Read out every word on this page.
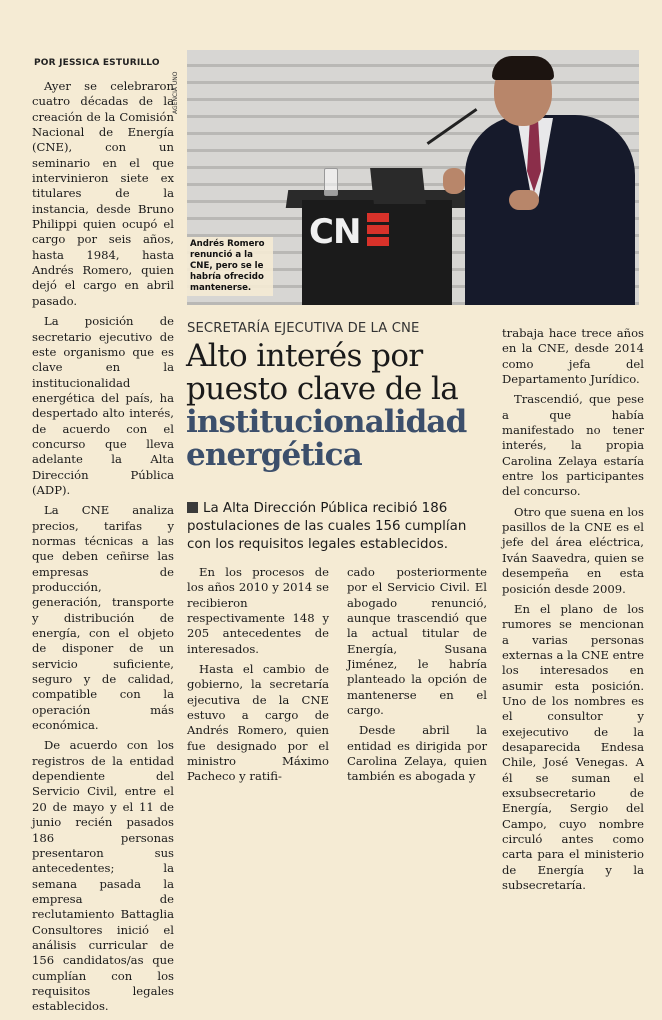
POR JESSICA ESTURILLO

Ayer se celebraron cuatro décadas de la creación de la Comisión Nacional de Energía (CNE), con un seminario en el que intervinieron siete ex titulares de la instancia, desde Bruno Philippi quien ocupó el cargo por seis años, hasta 1984, hasta Andrés Romero, quien dejó el cargo en abril pasado.

La posición de secretario ejecutivo de este organismo que es clave en la institucionalidad energética del país, ha despertado alto interés, de acuerdo con el concurso que lleva adelante la Alta Dirección Pública (ADP).

La CNE analiza precios, tarifas y normas técnicas a las que deben ceñirse las empresas de producción, generación, transporte y distribución de energía, con el objeto de disponer de un servicio suficiente, seguro y de calidad, compatible con la operación más económica.

De acuerdo con los registros de la entidad dependiente del Servicio Civil, entre el 20 de mayo y el 11 de junio recién pasados 186 personas presentaron sus antecedentes; la semana pasada la empresa de reclutamiento Battaglia Consultores inició el análisis curricular de 156 candidatos/as que cumplían con los requisitos legales establecidos.

AGENCIA UNO
CN
Andrés Romero renunció a la CNE, pero se le habría ofrecido mantenerse.
SECRETARÍA EJECUTIVA DE LA CNE
Alto interés por
puesto clave de la
institucionalidad
energética
La Alta Dirección Pública recibió 186 postulaciones de las cuales 156 cumplían con los requisitos legales establecidos.

En los procesos de los años 2010 y 2014 se recibieron respectivamente 148 y 205 antecedentes de interesados.

Hasta el cambio de gobierno, la secretaría ejecutiva de la CNE estuvo a cargo de Andrés Romero, quien fue designado por el ministro Máximo Pacheco y ratifi-

cado posteriormente por el Servicio Civil. El abogado renunció, aunque trascendió que la actual titular de Energía, Susana Jiménez, le habría planteado la opción de mantenerse en el cargo.

Desde abril la entidad es dirigida por Carolina Zelaya, quien también es abogada y

trabaja hace trece años en la CNE, desde 2014 como jefa del Departamento Jurídico.

Trascendió, que pese a que había manifestado no tener interés, la propia Carolina Zelaya estaría entre los participantes del concurso.

Otro que suena en los pasillos de la CNE es el jefe del área eléctrica, Iván Saavedra, quien se desempeña en esta posición desde 2009.

En el plano de los rumores se mencionan a varias personas externas a la CNE entre los interesados en asumir esta posición. Uno de los nombres es el consultor y exejecutivo de la desaparecida Endesa Chile, José Venegas. A él se suman el exsubsecretario de Energía, Sergio del Campo, cuyo nombre circuló antes como carta para el ministerio de Energía y la subsecretaría.
